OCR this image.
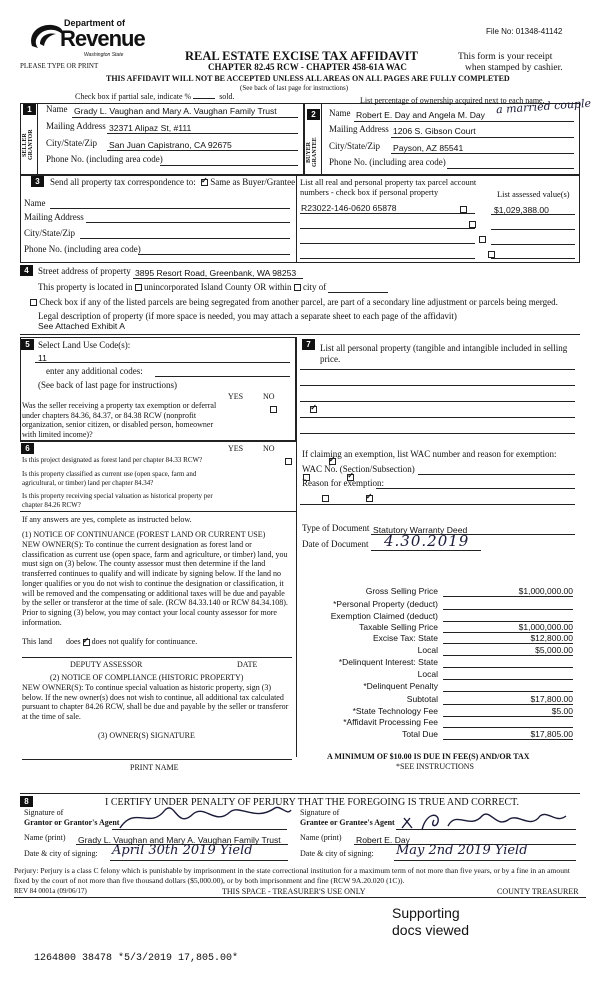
Department of
Revenue
Washington State
PLEASE TYPE OR PRINT
File No: 01348-41142
REAL ESTATE EXCISE TAX AFFIDAVIT
CHAPTER 82.45 RCW - CHAPTER 458-61A WAC
This form is your receipt
when stamped by cashier.
THIS AFFIDAVIT WILL NOT BE ACCEPTED UNLESS ALL AREAS ON ALL PAGES ARE FULLY COMPLETED
(See back of last page for instructions)
Check box if partial sale, indicate %	sold.	List percentage of ownership acquired next to each name.
1
SELLER GRANTOR
Name Grady L. Vaughan and Mary A. Vaughan Family Trust
Mailing Address 32371 Alipaz St, #111
City/State/Zip San Juan Capistrano, CA 92675
Phone No. (including area code)
2
BUYER GRANTEE
Name Robert E. Day and Angela M. Day a married couple
Mailing Address 1206 S. Gibson Court
City/State/Zip Payson, AZ 85541
Phone No. (including area code)
3	Send all property tax correspondence to: ✓ Same as Buyer/Grantee
Name
Mailing Address
City/State/Zip
Phone No. (including area code)
List all real and personal property tax parcel account numbers - check box if personal property	List assessed value(s)
R23022-146-0620 65878	$1,029,388.00

4	Street address of property 3895 Resort Road, Greenbank, WA 98253
This property is located in unincorporated Island County OR within city of
Check box if any of the listed parcels are being segregated from another parcel, are part of a secondary line adjustment or parcels being merged.
Legal description of property (if more space is needed, you may attach a separate sheet to each page of the affidavit)
See Attached Exhibit A
5 Select Land Use Code(s):
11
enter any additional codes:
(See back of last page for instructions)
YES NO
Was the seller receiving a property tax exemption or deferral under chapters 84.36, 84.37, or 84.38 RCW (nonprofit organization, senior citizen, or disabled person, homeowner with limited income)?
✓
7	List all personal property (tangible and intangible included in selling price.
If claiming an exemption, list WAC number and reason for exemption:
WAC No. (Section/Subsection)
Reason for exemption:
Type of Document Statutory Warranty Deed
Date of Document 4.30.2019
6	YES NO
Is this project designated as forest land per chapter 84.33 RCW?
✓
Is this property classified as current use (open space, farm and agricultural, or timber) land per chapter 84.34?
✓
Is this property receiving special valuation as historical property per chapter 84.26 RCW?
✓
If any answers are yes, complete as instructed below.
(1) NOTICE OF CONTINUANCE (FOREST LAND OR CURRENT USE)
NEW OWNER(S): To continue the current designation as forest land or classification as current use (open space, farm and agriculture, or timber) land, you must sign on (3) below. The county assessor must then determine if the land transferred continues to qualify and will indicate by signing below. If the land no longer qualifies or you do not wish to continue the designation or classification, it will be removed and the compensating or additional taxes will be due and payable by the seller or transferor at the time of sale. (RCW 84.33.140 or RCW 84.34.108). Prior to signing (3) below, you may contact your local county assessor for more information.
This land does ✓ does not qualify for continuance.
DEPUTY ASSESSOR	DATE
(2) NOTICE OF COMPLIANCE (HISTORIC PROPERTY)
NEW OWNER(S): To continue special valuation as historic property, sign (3) below. If the new owner(s) does not wish to continue, all additional tax calculated pursuant to chapter 84.26 RCW, shall be due and payable by the seller or transferor at the time of sale.
(3) OWNER(S) SIGNATURE
PRINT NAME
Gross Selling Price	$1,000,000.00
*Personal Property (deduct)
Exemption Claimed (deduct)
Taxable Selling Price	$1,000,000.00
Excise Tax: State	$12,800.00
Local	$5,000.00
*Delinquent Interest: State
Local
*Delinquent Penalty
Subtotal	$17,800.00
*State Technology Fee	$5.00
*Affidavit Processing Fee
Total Due	$17,805.00
A MINIMUM OF $10.00 IS DUE IN FEE(S) AND/OR TAX
*SEE INSTRUCTIONS
8	I CERTIFY UNDER PENALTY OF PERJURY THAT THE FOREGOING IS TRUE AND CORRECT.
Signature of
Grantor or Grantor's Agent
Signature of
Grantee or Grantee's Agent
Name (print) Grady L. Vaughan and Mary A. Vaughan Family Trust Name (print) Robert E. Day
Date & city of signing: April 30th 2019 Yield	Date & city of signing: May 2nd 2019 Yield
Perjury: Perjury is a class C felony which is punishable by imprisonment in the state correctional institution for a maximum term of not more than five years, or by a fine in an amount fixed by the court of not more than five thousand dollars ($5,000.00), or by both imprisonment and fine (RCW 9A.20.020 (1C)).
REV 84 0001a (09/06/17)	THIS SPACE - TREASURER'S USE ONLY	COUNTY TREASURER
Supporting
docs viewed
1264800 38478 *5/3/2019 17,805.00*
